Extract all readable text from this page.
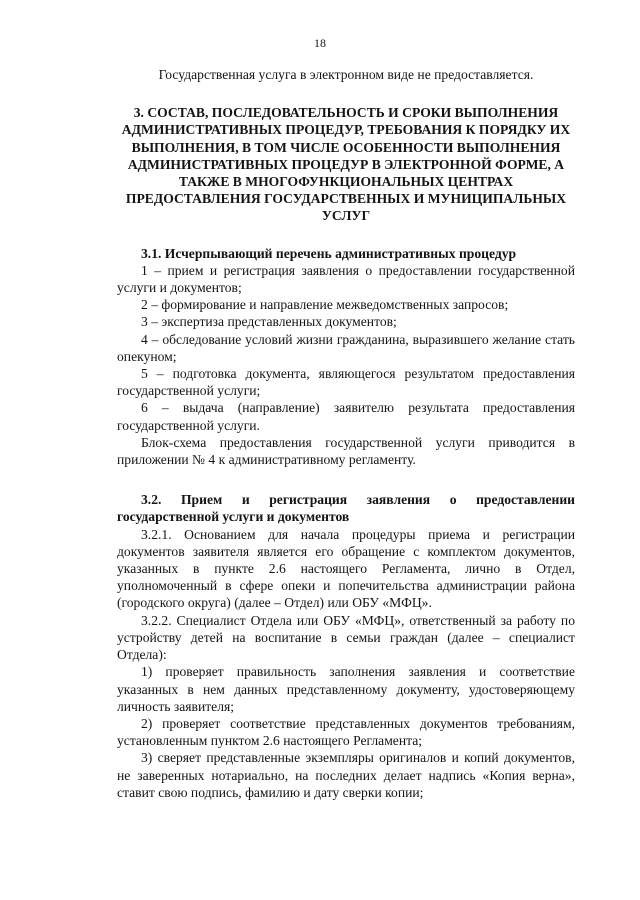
18

Государственная услуга в электронном виде не предоставляется.

3. СОСТАВ, ПОСЛЕДОВАТЕЛЬНОСТЬ И СРОКИ ВЫПОЛНЕНИЯ АДМИНИСТРАТИВНЫХ ПРОЦЕДУР, ТРЕБОВАНИЯ К ПОРЯДКУ ИХ ВЫПОЛНЕНИЯ, В ТОМ ЧИСЛЕ ОСОБЕННОСТИ ВЫПОЛНЕНИЯ АДМИНИСТРАТИВНЫХ ПРОЦЕДУР В ЭЛЕКТРОННОЙ ФОРМЕ, А ТАКЖЕ В МНОГОФУНКЦИОНАЛЬНЫХ ЦЕНТРАХ ПРЕДОСТАВЛЕНИЯ ГОСУДАРСТВЕННЫХ И МУНИЦИПАЛЬНЫХ УСЛУГ

3.1. Исчерпывающий перечень административных процедур

1 – прием и регистрация заявления о предоставлении государственной услуги и документов;

2 – формирование и направление межведомственных запросов;

3 – экспертиза представленных документов;

4 – обследование условий жизни гражданина, выразившего желание стать опекуном;

5 – подготовка документа, являющегося результатом предоставления государственной услуги;

6 – выдача (направление) заявителю результата предоставления государственной услуги.

Блок-схема предоставления государственной услуги приводится в приложении № 4 к административному регламенту.

3.2. Прием и регистрация заявления о предоставлении государственной услуги и документов

3.2.1. Основанием для начала процедуры приема и регистрации документов заявителя является его обращение с комплектом документов, указанных в пункте 2.6 настоящего Регламента, лично в Отдел, уполномоченный в сфере опеки и попечительства администрации района (городского округа) (далее – Отдел) или ОБУ «МФЦ».

3.2.2. Специалист Отдела или ОБУ «МФЦ», ответственный за работу по устройству детей на воспитание в семьи граждан (далее – специалист Отдела):

1) проверяет правильность заполнения заявления и соответствие указанных в нем данных представленному документу, удостоверяющему личность заявителя;

2) проверяет соответствие представленных документов требованиям, установленным пунктом 2.6 настоящего Регламента;

3) сверяет представленные экземпляры оригиналов и копий документов, не заверенных нотариально, на последних делает надпись «Копия верна», ставит свою подпись, фамилию и дату сверки копии;
